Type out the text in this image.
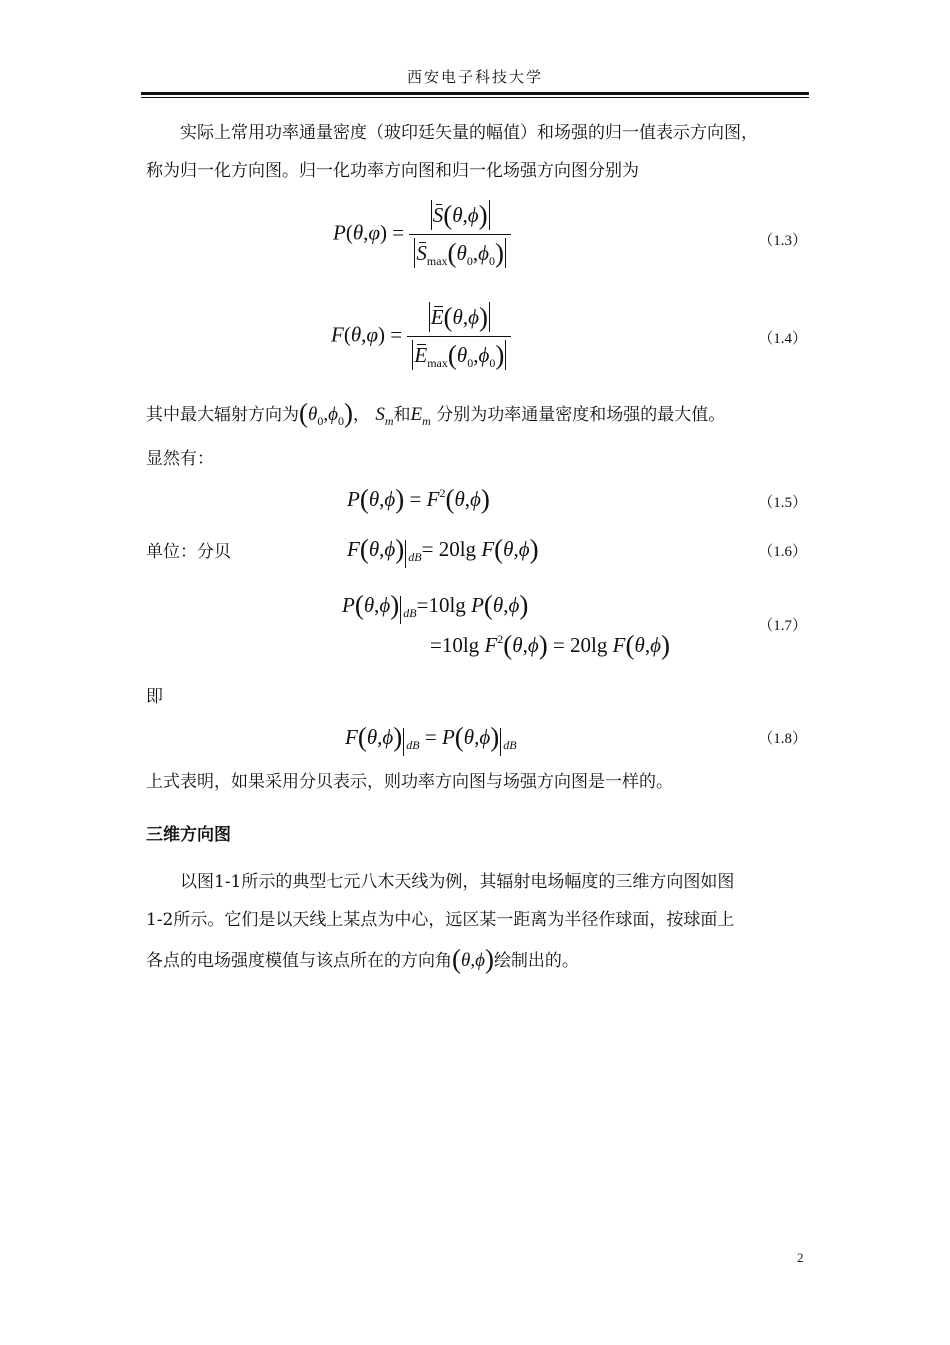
西安电子科技大学
实际上常用功率通量密度（玻印廷矢量的幅值）和场强的归一值表示方向图，
称为归一化方向图。归一化功率方向图和归一化场强方向图分别为
$P(\theta,\varphi) = \frac{S(\theta,\phi)}{S_{max}(\theta_0,\phi_0)}$	（1.3）
$F(\theta,\varphi) = \frac{E(\theta,\phi)}{E_{max}(\theta_0,\phi_0)}$	（1.4）
其中最大辐射方向为$(\theta_0,\phi_0)$， $S_m$和$E_m$ 分别为功率通量密度和场强的最大值。
显然有：
$P(\theta,\phi) = F^2(\theta,\phi)$	（1.5）
单位：分贝	F(θ,ϕ) $_{dB}$= 20lg F(θ,ϕ)	（1.6）
P(θ,ϕ) $_{dB}$=10lg P(θ,ϕ)
=10lg $F^2(\theta,\phi) = 20\lg$ F(θ,ϕ)
（1.7）
即
F(θ,ϕ) $_{dB}$ = P(θ,ϕ) $_{dB}$	（1.8）
上式表明，如果采用分贝表示，则功率方向图与场强方向图是一样的。
三维方向图
以图1-1所示的典型七元八木天线为例，其辐射电场幅度的三维方向图如图
1-2所示。它们是以天线上某点为中心，远区某一距离为半径作球面，按球面上
各点的电场强度模值与该点所在的方向角(θ,ϕ)绘制出的。
2
